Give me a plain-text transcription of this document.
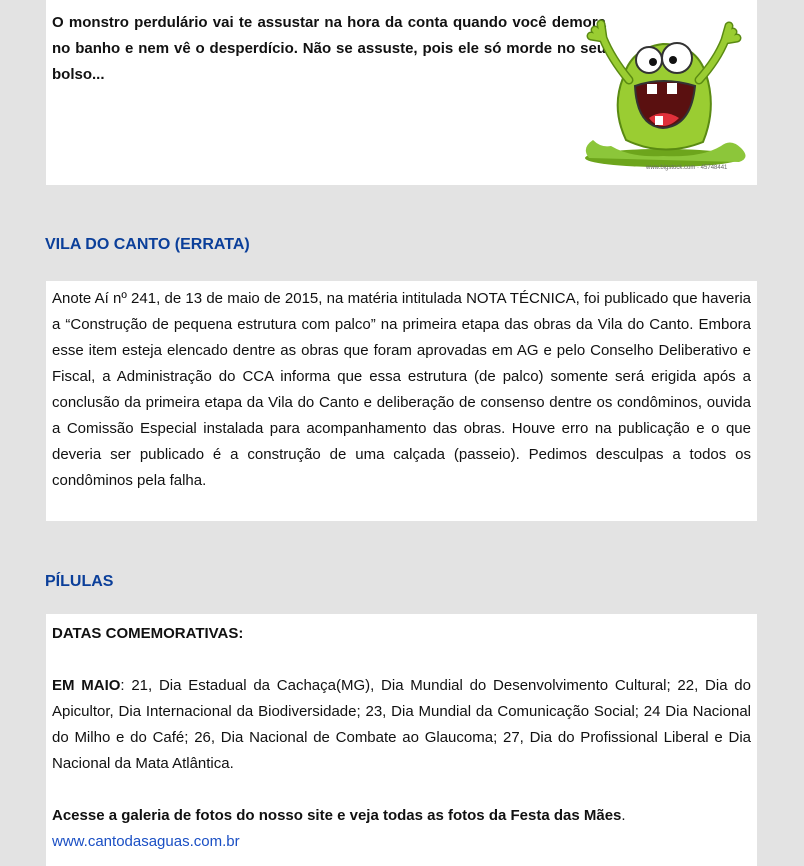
O monstro perdulário vai te assustar na hora da conta quando você demora no banho e nem vê o desperdício. Não se assuste, pois ele só morde no seu bolso...
www.bigstock.com · 45748441
VILA DO CANTO (ERRATA)
Anote Aí nº 241, de 13 de maio de 2015, na matéria intitulada NOTA TÉCNICA, foi publicado que haveria a “Construção de pequena estrutura com palco” na primeira etapa das obras da Vila do Canto. Embora esse item esteja elencado dentre as obras que foram aprovadas em AG e pelo Conselho Deliberativo e Fiscal, a Administração do CCA informa que essa estrutura (de palco) somente será erigida após a conclusão da primeira etapa da Vila do Canto e deliberação de consenso dentre os condôminos, ouvida a Comissão Especial instalada para acompanhamento das obras. Houve erro na publicação e o que deveria ser publicado é a construção de uma calçada (passeio). Pedimos desculpas a todos os condôminos pela falha.
PÍLULAS
DATAS COMEMORATIVAS:
EM MAIO: 21, Dia Estadual da Cachaça(MG), Dia Mundial do Desenvolvimento Cultural; 22, Dia do Apicultor, Dia Internacional da Biodiversidade; 23, Dia Mundial da Comunicação Social; 24 Dia Nacional do Milho e do Café; 26, Dia Nacional de Combate ao Glaucoma; 27, Dia do Profissional Liberal e Dia Nacional da Mata Atlântica.
Acesse a galeria de fotos do nosso site e veja todas as fotos da Festa das Mães.
www.cantodasaguas.com.br
